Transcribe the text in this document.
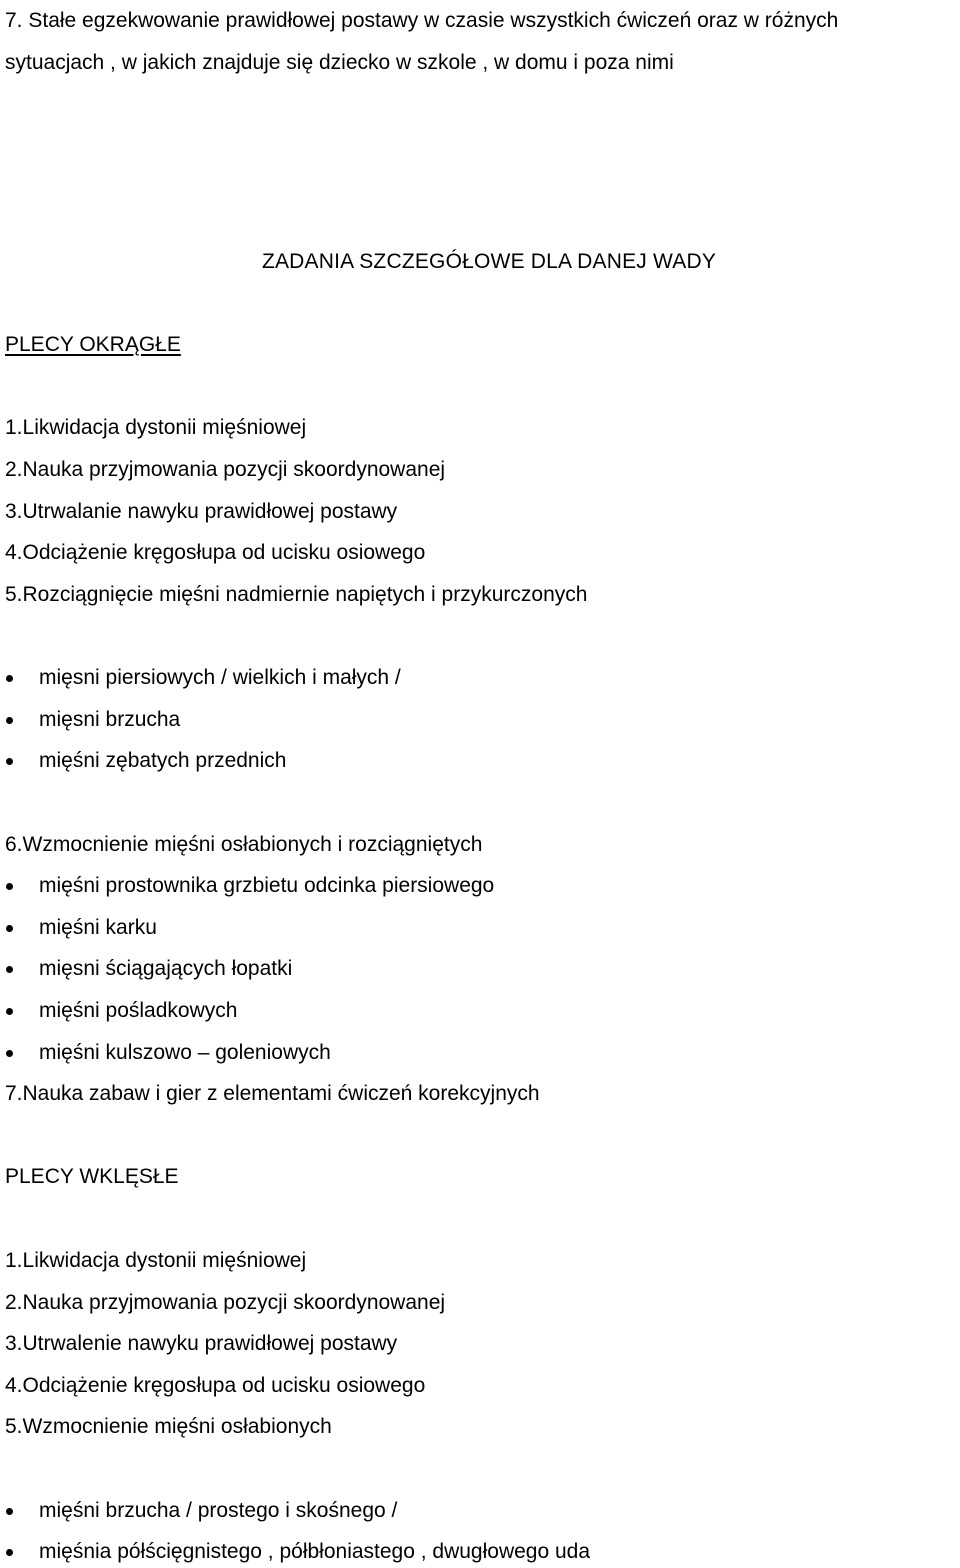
7. Stałe egzekwowanie prawidłowej postawy w czasie wszystkich ćwiczeń oraz w różnych
sytuacjach , w jakich znajduje się dziecko w szkole , w domu i poza nimi
ZADANIA SZCZEGÓŁOWE DLA DANEJ WADY
PLECY OKRĄGŁE
1.Likwidacja dystonii mięśniowej
2.Nauka przyjmowania pozycji skoordynowanej
3.Utrwalanie nawyku prawidłowej postawy
4.Odciążenie kręgosłupa od ucisku osiowego
5.Rozciągnięcie mięśni nadmiernie napiętych i przykurczonych
mięsni piersiowych / wielkich i małych /
mięsni brzucha
mięśni zębatych przednich
6.Wzmocnienie mięśni osłabionych i rozciągniętych
mięśni prostownika grzbietu odcinka piersiowego
mięśni karku
mięsni ściągających łopatki
mięśni pośladkowych
mięśni kulszowo – goleniowych
7.Nauka zabaw i gier z elementami ćwiczeń korekcyjnych
PLECY WKLĘSŁE
1.Likwidacja dystonii mięśniowej
2.Nauka przyjmowania pozycji skoordynowanej
3.Utrwalenie nawyku prawidłowej postawy
4.Odciążenie kręgosłupa od ucisku osiowego
5.Wzmocnienie mięśni osłabionych
mięśni brzucha / prostego i skośnego /
mięśnia półścięgnistego , półbłoniastego , dwugłowego uda
